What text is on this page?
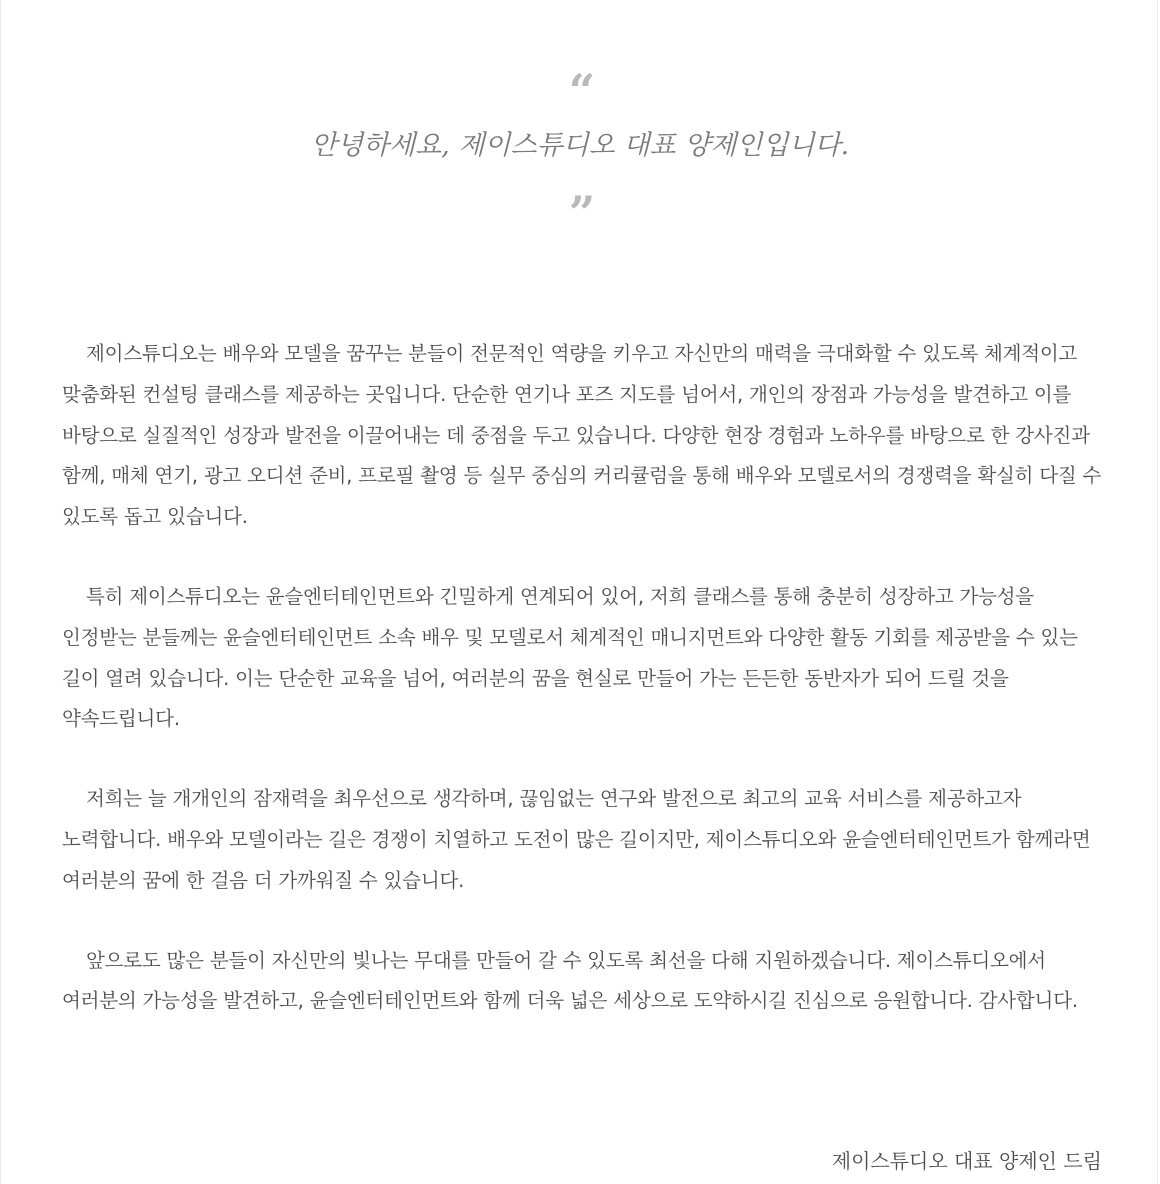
“
안녕하세요, 제이스튜디오 대표 양제인입니다.
”

제이스튜디오는 배우와 모델을 꿈꾸는 분들이 전문적인 역량을 키우고 자신만의 매력을 극대화할 수 있도록 체계적이고 맞춤화된 컨설팅 클래스를 제공하는 곳입니다. 단순한 연기나 포즈 지도를 넘어서, 개인의 장점과 가능성을 발견하고 이를 바탕으로 실질적인 성장과 발전을 이끌어내는 데 중점을 두고 있습니다. 다양한 현장 경험과 노하우를 바탕으로 한 강사진과 함께, 매체 연기, 광고 오디션 준비, 프로필 촬영 등 실무 중심의 커리큘럼을 통해 배우와 모델로서의 경쟁력을 확실히 다질 수 있도록 돕고 있습니다.

특히 제이스튜디오는 윤슬엔터테인먼트와 긴밀하게 연계되어 있어, 저희 클래스를 통해 충분히 성장하고 가능성을 인정받는 분들께는 윤슬엔터테인먼트 소속 배우 및 모델로서 체계적인 매니지먼트와 다양한 활동 기회를 제공받을 수 있는 길이 열려 있습니다. 이는 단순한 교육을 넘어, 여러분의 꿈을 현실로 만들어 가는 든든한 동반자가 되어 드릴 것을 약속드립니다.

저희는 늘 개개인의 잠재력을 최우선으로 생각하며, 끊임없는 연구와 발전으로 최고의 교육 서비스를 제공하고자 노력합니다. 배우와 모델이라는 길은 경쟁이 치열하고 도전이 많은 길이지만, 제이스튜디오와 윤슬엔터테인먼트가 함께라면 여러분의 꿈에 한 걸음 더 가까워질 수 있습니다.

앞으로도 많은 분들이 자신만의 빛나는 무대를 만들어 갈 수 있도록 최선을 다해 지원하겠습니다. 제이스튜디오에서 여러분의 가능성을 발견하고, 윤슬엔터테인먼트와 함께 더욱 넓은 세상으로 도약하시길 진심으로 응원합니다. 감사합니다.

제이스튜디오 대표 양제인 드림
